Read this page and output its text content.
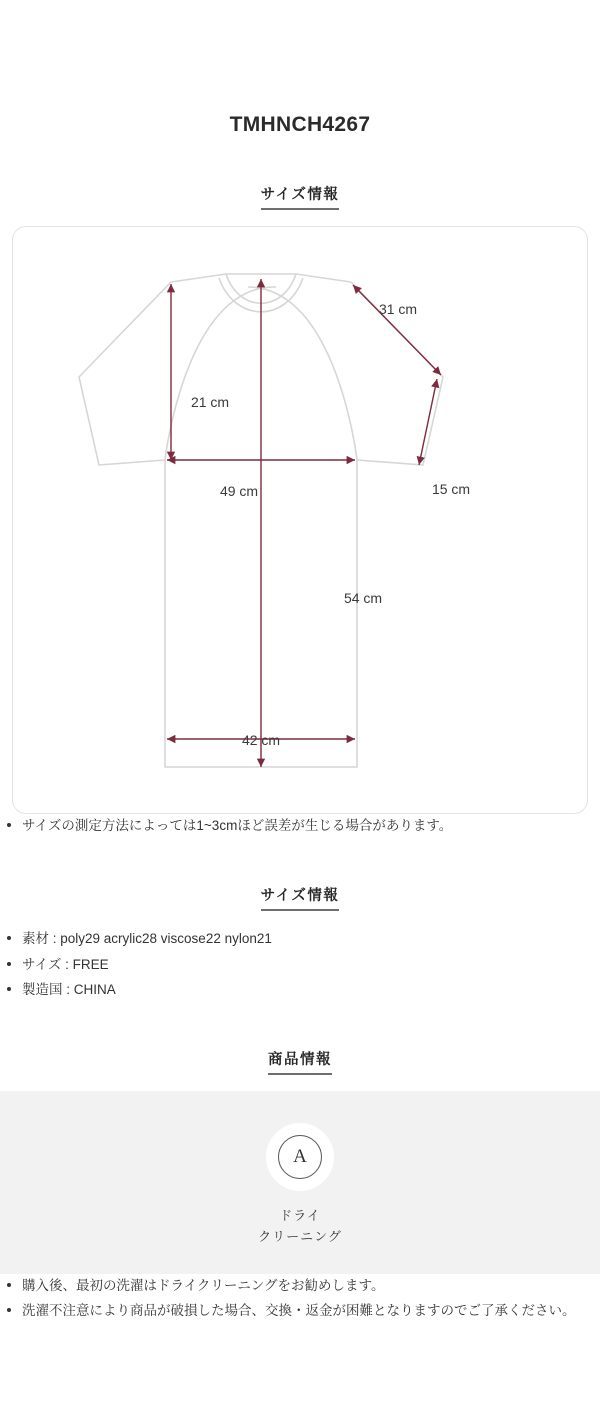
TMHNCH4267
サイズ情報
31 cm
21 cm
15 cm
49 cm
54 cm
42 cm
サイズの測定方法によっては1~3cmほど誤差が生じる場合があります。
サイズ情報
素材 : poly29 acrylic28 viscose22 nylon21
サイズ : FREE
製造国 : CHINA
商品情報
A
ドライ
クリーニング
購入後、最初の洗濯はドライクリーニングをお勧めします。
洗濯不注意により商品が破損した場合、交換・返金が困難となりますのでご了承ください。
